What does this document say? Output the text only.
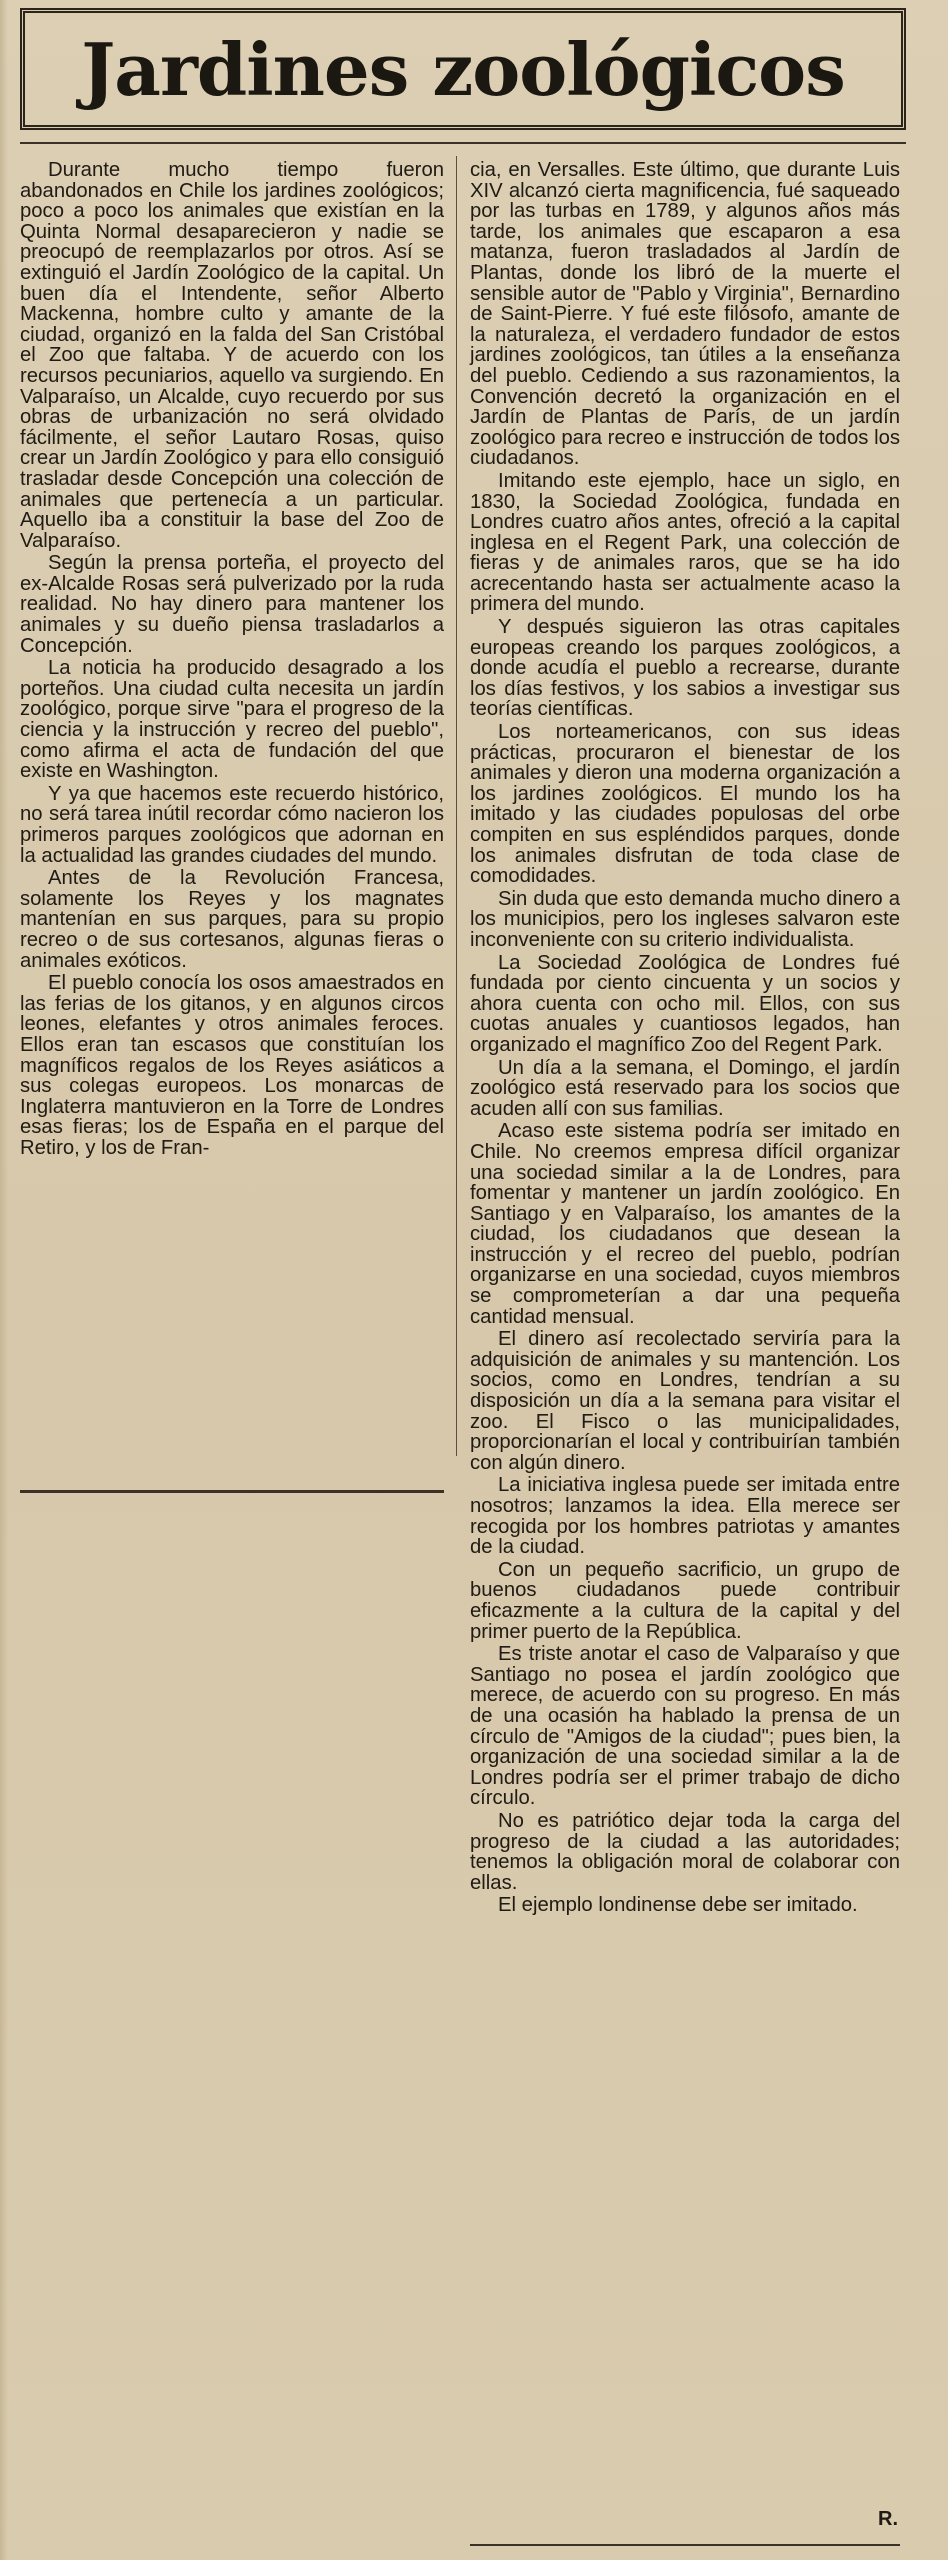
Jardines zoológicos

Durante mucho tiempo fueron abandonados en Chile los jardines zoológicos; poco a poco los animales que existían en la Quinta Normal desaparecieron y nadie se preocupó de reemplazarlos por otros. Así se extinguió el Jardín Zoológico de la capital. Un buen día el Intendente, señor Alberto Mackenna, hombre culto y amante de la ciudad, organizó en la falda del San Cristóbal el Zoo que faltaba. Y de acuerdo con los recursos pecuniarios, aquello va surgiendo. En Valparaíso, un Alcalde, cuyo recuerdo por sus obras de urbanización no será olvidado fácilmente, el señor Lautaro Rosas, quiso crear un Jardín Zoológico y para ello consiguió trasladar desde Concepción una colección de animales que pertenecía a un particular. Aquello iba a constituir la base del Zoo de Valparaíso.

Según la prensa porteña, el proyecto del ex-Alcalde Rosas será pulverizado por la ruda realidad. No hay dinero para mantener los animales y su dueño piensa trasladarlos a Concepción.

La noticia ha producido desagrado a los porteños. Una ciudad culta necesita un jardín zoológico, porque sirve "para el progreso de la ciencia y la instrucción y recreo del pueblo", como afirma el acta de fundación del que existe en Washington.

Y ya que hacemos este recuerdo histórico, no será tarea inútil recordar cómo nacieron los primeros parques zoológicos que adornan en la actualidad las grandes ciudades del mundo.

Antes de la Revolución Francesa, solamente los Reyes y los magnates mantenían en sus parques, para su propio recreo o de sus cortesanos, algunas fieras o animales exóticos.

El pueblo conocía los osos amaestrados en las ferias de los gitanos, y en algunos circos leones, elefantes y otros animales feroces. Ellos eran tan escasos que constituían los magníficos regalos de los Reyes asiáticos a sus colegas europeos. Los monarcas de Inglaterra mantuvieron en la Torre de Londres esas fieras; los de España en el parque del Retiro, y los de Fran-

cia, en Versalles. Este último, que durante Luis XIV alcanzó cierta magnificencia, fué saqueado por las turbas en 1789, y algunos años más tarde, los animales que escaparon a esa matanza, fueron trasladados al Jardín de Plantas, donde los libró de la muerte el sensible autor de "Pablo y Virginia", Bernardino de Saint-Pierre. Y fué este filósofo, amante de la naturaleza, el verdadero fundador de estos jardines zoológicos, tan útiles a la enseñanza del pueblo. Cediendo a sus razonamientos, la Convención decretó la organización en el Jardín de Plantas de París, de un jardín zoológico para recreo e instrucción de todos los ciudadanos.

Imitando este ejemplo, hace un siglo, en 1830, la Sociedad Zoológica, fundada en Londres cuatro años antes, ofreció a la capital inglesa en el Regent Park, una colección de fieras y de animales raros, que se ha ido acrecentando hasta ser actualmente acaso la primera del mundo.

Y después siguieron las otras capitales europeas creando los parques zoológicos, a donde acudía el pueblo a recrearse, durante los días festivos, y los sabios a investigar sus teorías científicas.

Los norteamericanos, con sus ideas prácticas, procuraron el bienestar de los animales y dieron una moderna organización a los jardines zoológicos. El mundo los ha imitado y las ciudades populosas del orbe compiten en sus espléndidos parques, donde los animales disfrutan de toda clase de comodidades.

Sin duda que esto demanda mucho dinero a los municipios, pero los ingleses salvaron este inconveniente con su criterio individualista.

La Sociedad Zoológica de Londres fué fundada por ciento cincuenta y un socios y ahora cuenta con ocho mil. Ellos, con sus cuotas anuales y cuantiosos legados, han organizado el magnífico Zoo del Regent Park.

Un día a la semana, el Domingo, el jardín zoológico está reservado para los socios que acuden allí con sus familias.

Acaso este sistema podría ser imitado en Chile. No creemos empresa difícil organizar una sociedad similar a la de Londres, para fomentar y mantener un jardín zoológico. En Santiago y en Valparaíso, los amantes de la ciudad, los ciudadanos que desean la instrucción y el recreo del pueblo, podrían organizarse en una sociedad, cuyos miembros se comprometerían a dar una pequeña cantidad mensual.

El dinero así recolectado serviría para la adquisición de animales y su mantención. Los socios, como en Londres, tendrían a su disposición un día a la semana para visitar el zoo. El Fisco o las municipalidades, proporcionarían el local y contribuirían también con algún dinero.

La iniciativa inglesa puede ser imitada entre nosotros; lanzamos la idea. Ella merece ser recogida por los hombres patriotas y amantes de la ciudad.

Con un pequeño sacrificio, un grupo de buenos ciudadanos puede contribuir eficazmente a la cultura de la capital y del primer puerto de la República.

Es triste anotar el caso de Valparaíso y que Santiago no posea el jardín zoológico que merece, de acuerdo con su progreso. En más de una ocasión ha hablado la prensa de un círculo de "Amigos de la ciudad"; pues bien, la organización de una sociedad similar a la de Londres podría ser el primer trabajo de dicho círculo.

No es patriótico dejar toda la carga del progreso de la ciudad a las autoridades; tenemos la obligación moral de colaborar con ellas.

El ejemplo londinense debe ser imitado.

R.
